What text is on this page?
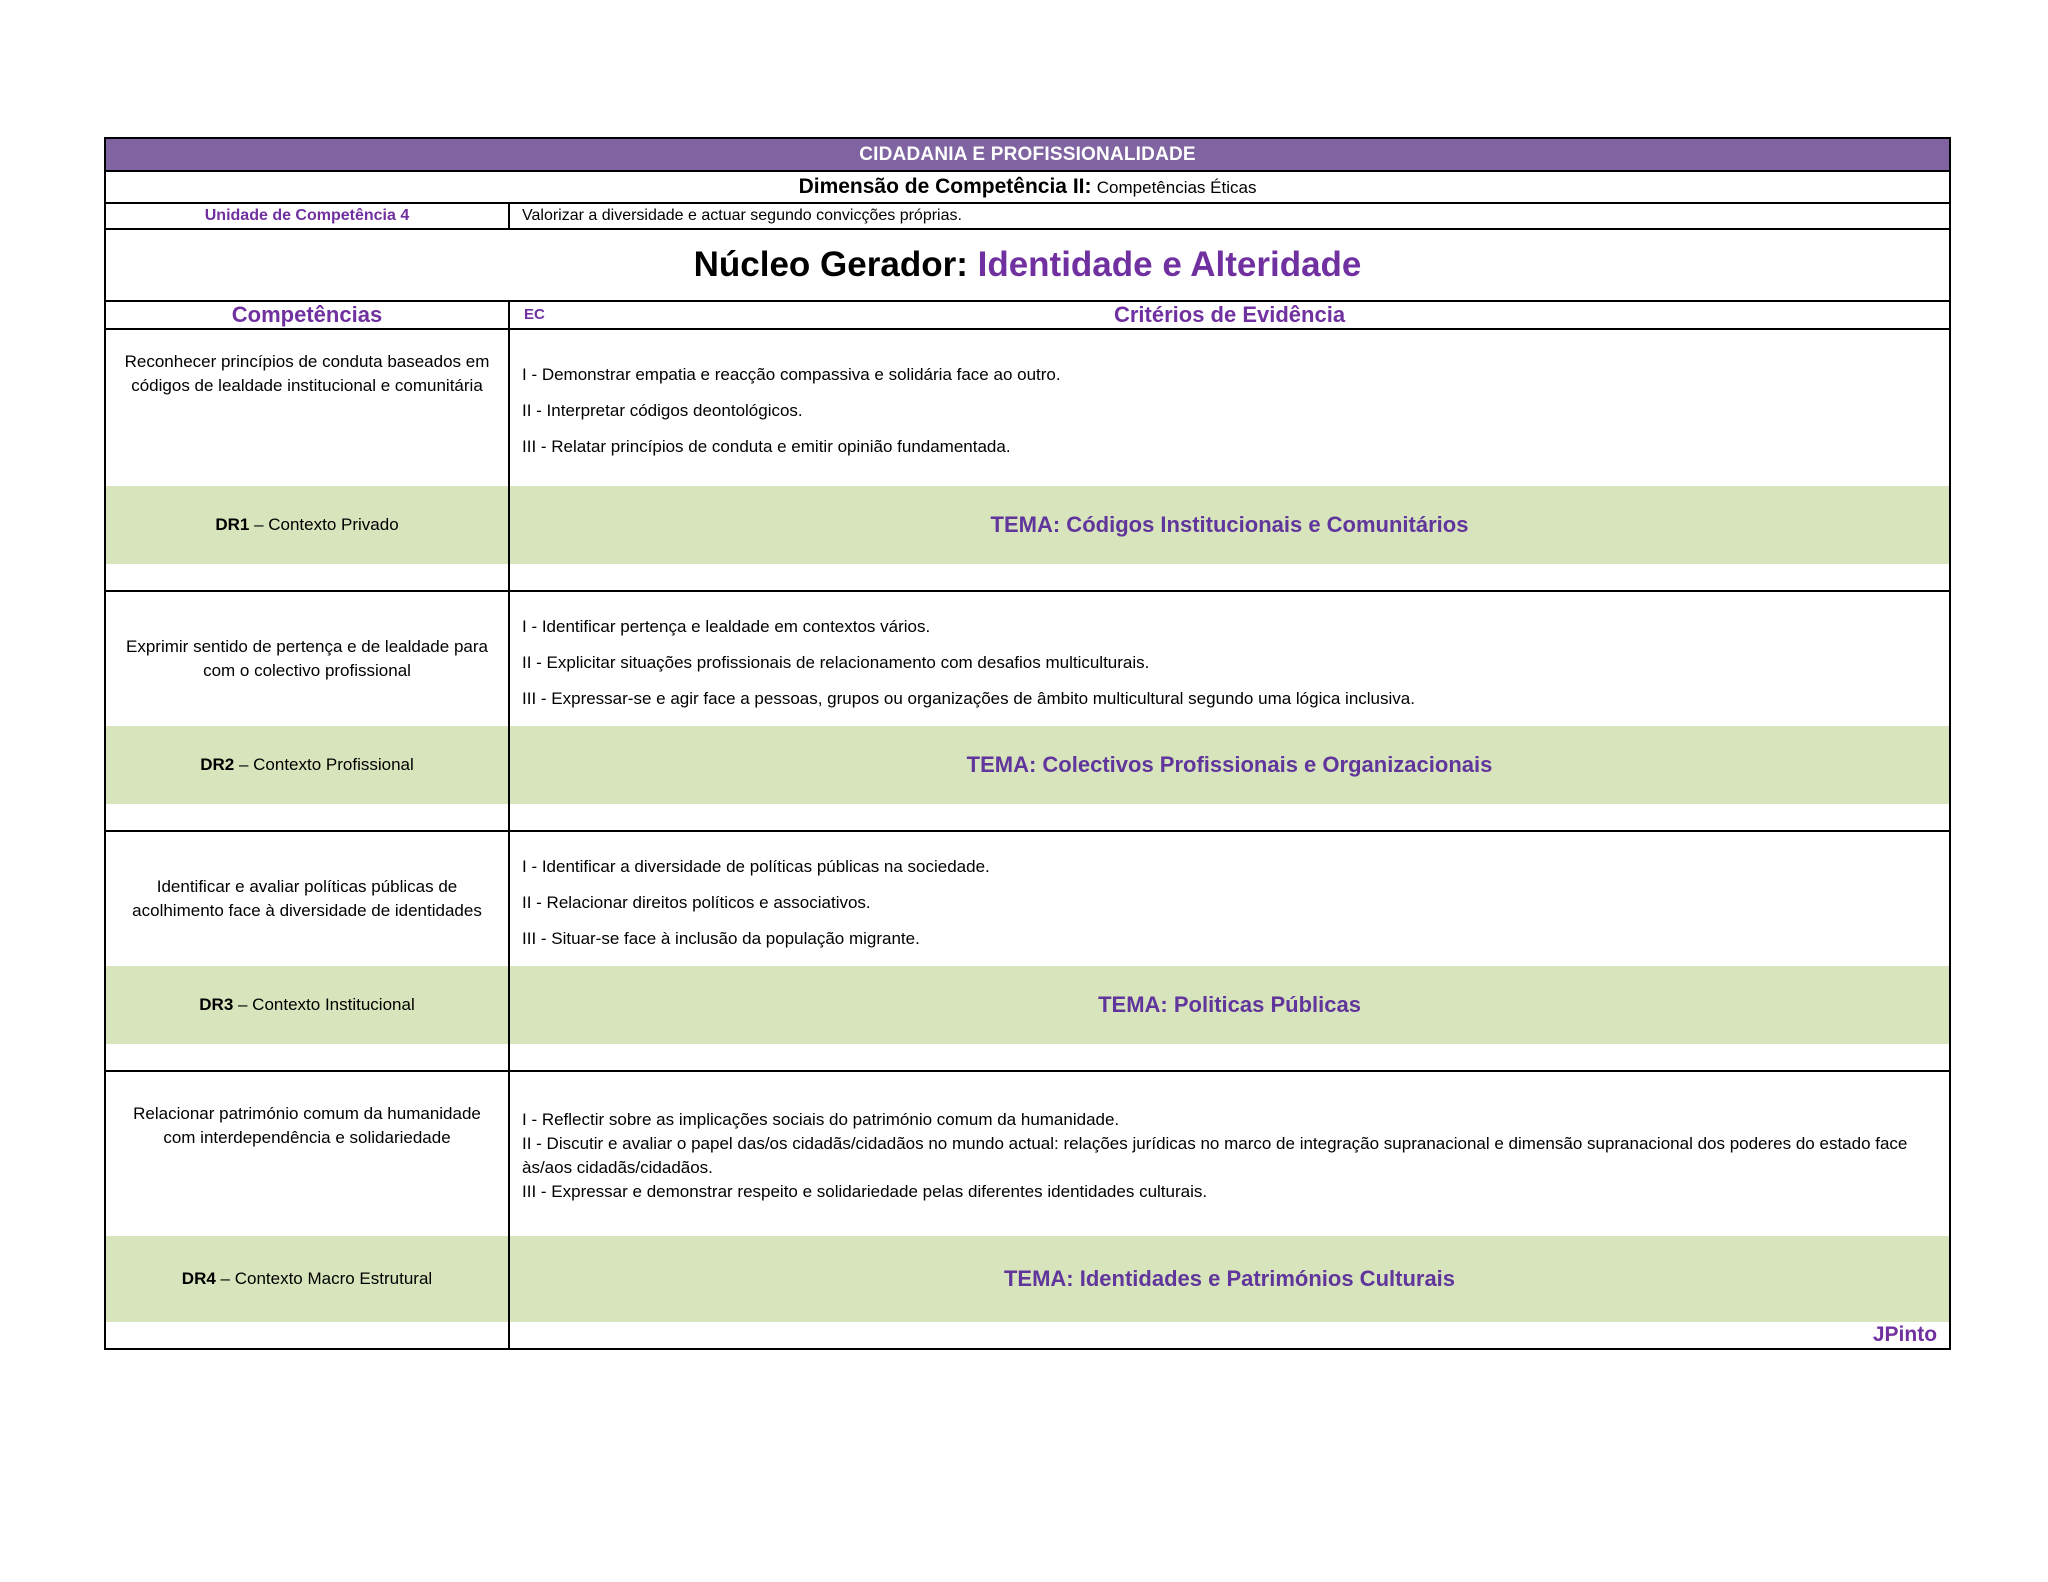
CIDADANIA E PROFISSIONALIDADE	
Dimensão de Competência II: Competências Éticas	
Unidade de Competência 4	Valorizar a diversidade e actuar segundo convicções próprias.
Núcleo Gerador: Identidade e Alteridade	
Competências	EC Critérios de Evidência

Reconhecer princípios de conduta baseados em códigos de lealdade institucional e comunitária	I - Demonstrar empatia e reacção compassiva e solidária face ao outro.
II - Interpretar códigos deontológicos.
III - Relatar princípios de conduta e emitir opinião fundamentada.

DR1 – Contexto Privado	TEMA: Códigos Institucionais e Comunitários

Exprimir sentido de pertença e de lealdade para com o colectivo profissional	I - Identificar pertença e lealdade em contextos vários.
II - Explicitar situações profissionais de relacionamento com desafios multiculturais.
III - Expressar-se e agir face a pessoas, grupos ou organizações de âmbito multicultural segundo uma lógica inclusiva.

DR2 – Contexto Profissional	TEMA: Colectivos Profissionais e Organizacionais

Identificar e avaliar políticas públicas de acolhimento face à diversidade de identidades	I - Identificar a diversidade de políticas públicas na sociedade.
II - Relacionar direitos políticos e associativos.
III - Situar-se face à inclusão da população migrante.

DR3 – Contexto Institucional	TEMA: Politicas Públicas

Relacionar património comum da humanidade com interdependência e solidariedade	I - Reflectir sobre as implicações sociais do património comum da humanidade.
II - Discutir e avaliar o papel das/os cidadãs/cidadãos no mundo actual: relações jurídicas no marco de integração supranacional e dimensão supranacional dos poderes do estado face às/aos cidadãs/cidadãos.
III - Expressar e demonstrar respeito e solidariedade pelas diferentes identidades culturais.

DR4 – Contexto Macro Estrutural	TEMA: Identidades e Patrimónios Culturais
	JPinto
